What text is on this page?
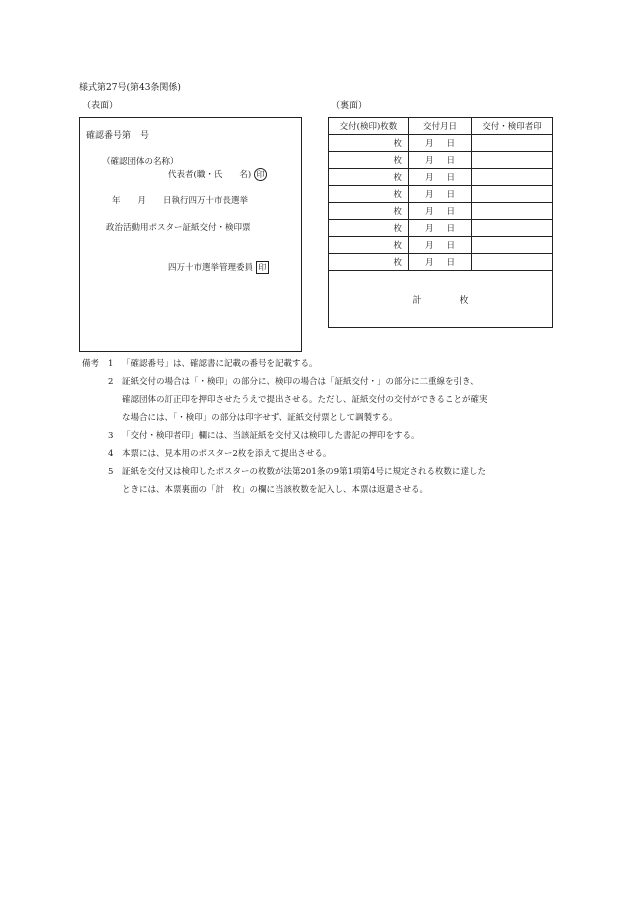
様式第27号(第43条関係)
（表面）	（裏面）
確認番号第　号
（確認団体の名称）
代表者(職・氏　　名) 印
年　　月　　日執行四万十市長選挙
政治活動用ポスター証紙交付・検印票
四万十市選挙管理委員 印
交付(検印)枚数	交付月日	交付・検印者印
枚	月 日	
枚	月 日	
枚	月 日	
枚	月 日	
枚	月 日	
枚	月 日	
枚	月 日	
枚	月 日	

計 枚		
備考	1	「確認番号」は、確認書に記載の番号を記載する。
2	証紙交付の場合は「・検印」の部分に、検印の場合は「証紙交付・」の部分に二重線を引き、
確認団体の訂正印を押印させたうえで提出させる。ただし、証紙交付の交付ができることが確実
な場合には、「・検印」の部分は印字せず、証紙交付票として調製する。
3	「交付・検印者印」欄には、当該証紙を交付又は検印した書記の押印をする。
4	本票には、見本用のポスター2枚を添えて提出させる。
5	証紙を交付又は検印したポスターの枚数が法第201条の9第1項第4号に規定される枚数に達した
ときには、本票裏面の「計　枚」の欄に当該枚数を記入し、本票は返還させる。
